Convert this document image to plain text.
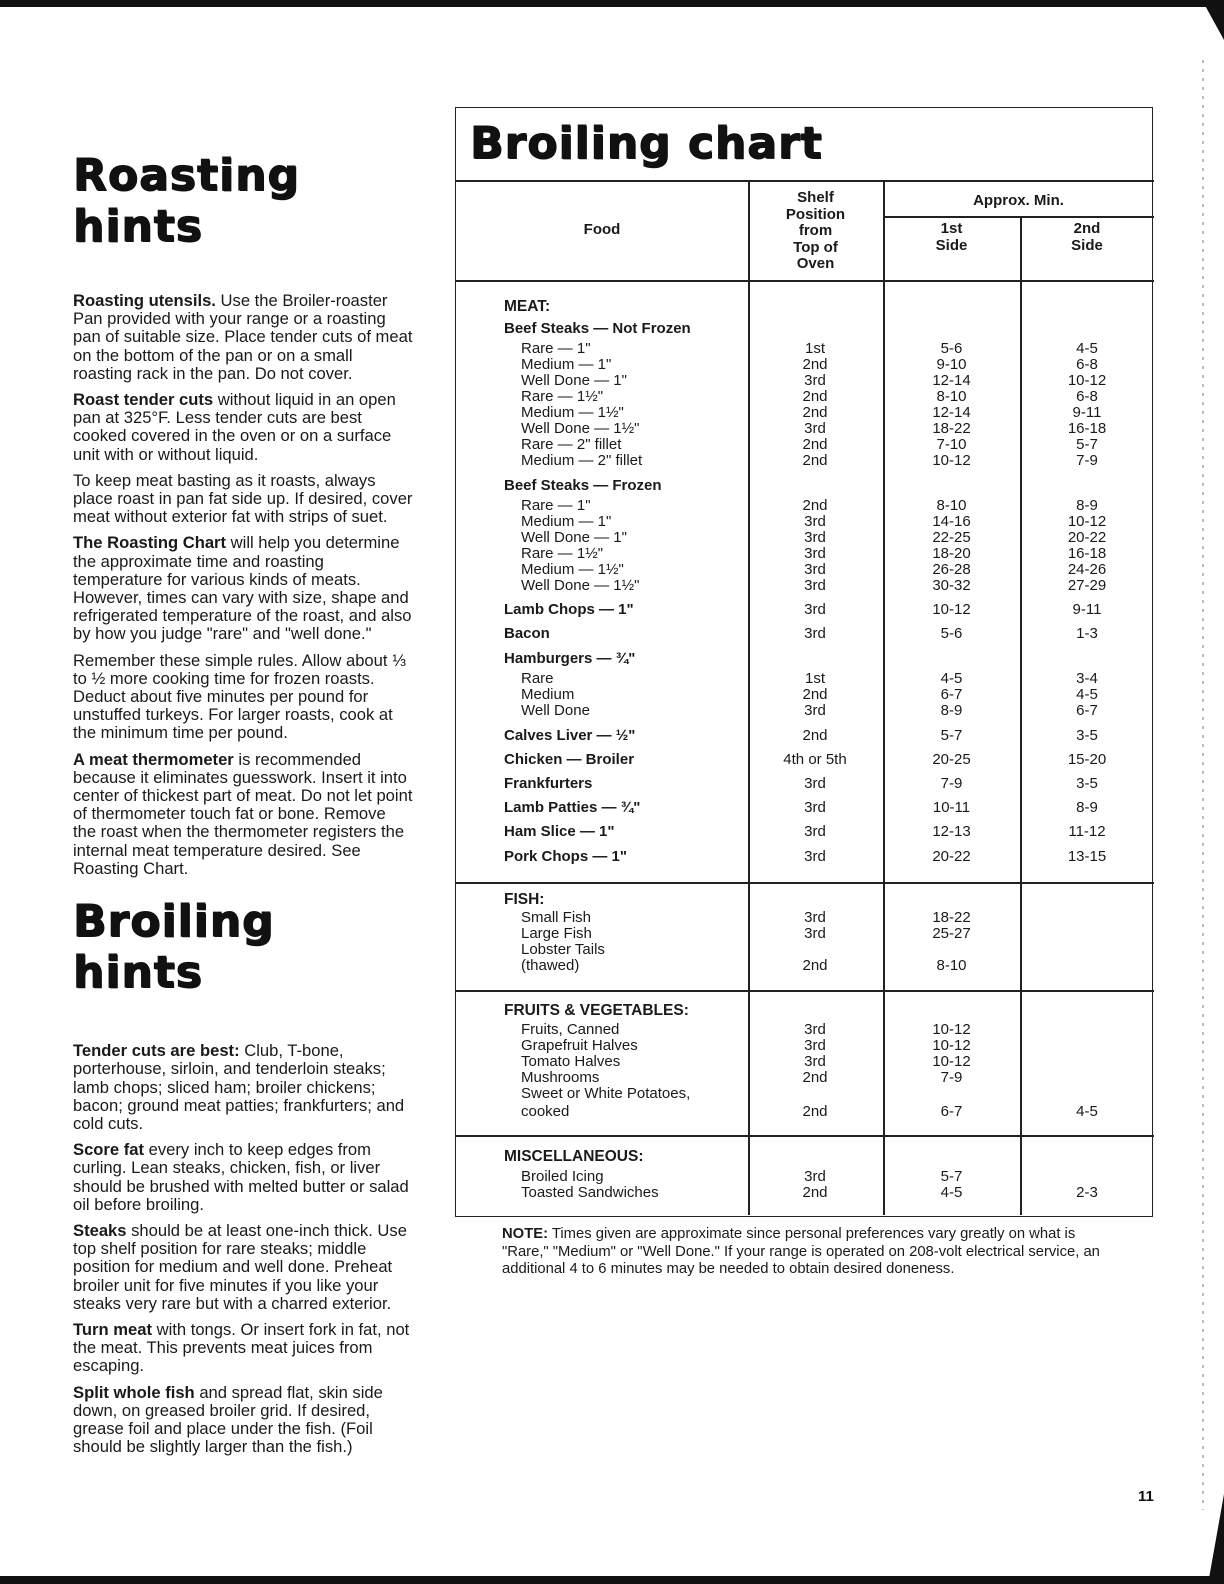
Roasting hints

Roasting utensils. Use the Broiler-roaster Pan provided with your range or a roasting pan of suitable size. Place tender cuts of meat on the bottom of the pan or on a small roasting rack in the pan. Do not cover.

Roast tender cuts without liquid in an open pan at 325°F. Less tender cuts are best cooked covered in the oven or on a surface unit with or without liquid.

To keep meat basting as it roasts, always place roast in pan fat side up. If desired, cover meat without exterior fat with strips of suet.

The Roasting Chart will help you determine the approximate time and roasting temperature for various kinds of meats. However, times can vary with size, shape and refrigerated temperature of the roast, and also by how you judge "rare" and "well done."

Remember these simple rules. Allow about ⅓ to ½ more cooking time for frozen roasts. Deduct about five minutes per pound for unstuffed turkeys. For larger roasts, cook at the minimum time per pound.

A meat thermometer is recommended because it eliminates guesswork. Insert it into center of thickest part of meat. Do not let point of thermometer touch fat or bone. Remove the roast when the thermometer registers the internal meat temperature desired. See Roasting Chart.

Broiling hints

Tender cuts are best: Club, T-bone, porterhouse, sirloin, and tenderloin steaks; lamb chops; sliced ham; broiler chickens; bacon; ground meat patties; frankfurters; and cold cuts.

Score fat every inch to keep edges from curling. Lean steaks, chicken, fish, or liver should be brushed with melted butter or salad oil before broiling.

Steaks should be at least one-inch thick. Use top shelf position for rare steaks; middle position for medium and well done. Preheat broiler unit for five minutes if you like your steaks very rare but with a charred exterior.

Turn meat with tongs. Or insert fork in fat, not the meat. This prevents meat juices from escaping.

Split whole fish and spread flat, skin side down, on greased broiler grid. If desired, grease foil and place under the fish. (Foil should be slightly larger than the fish.)

Broiling chart
Food
Shelf
Position
from
Top of
Oven
Approx. Min.
1st
Side
2nd
Side
MEAT:
FISH:
FRUITS & VEGETABLES:
MISCELLANEOUS:
Beef Steaks — Not Frozen
Rare — 1"	1st	5-6	4-5
Medium — 1"	2nd	9-10	6-8
Well Done — 1"	3rd	12-14	10-12
Rare — 1½"	2nd	8-10	6-8
Medium — 1½"	2nd	12-14	9-11
Well Done — 1½"	3rd	18-22	16-18
Rare — 2" fillet	2nd	7-10	5-7
Medium — 2" fillet	2nd	10-12	7-9
Beef Steaks — Frozen
Rare — 1"	2nd	8-10	8-9
Medium — 1"	3rd	14-16	10-12
Well Done — 1"	3rd	22-25	20-22
Rare — 1½"	3rd	18-20	16-18
Medium — 1½"	3rd	26-28	24-26
Well Done — 1½"	3rd	30-32	27-29
Lamb Chops — 1"	3rd	10-12	9-11
Bacon	3rd	5-6	1-3
Hamburgers — ¾"
Rare	1st	4-5	3-4
Medium	2nd	6-7	4-5
Well Done	3rd	8-9	6-7
Calves Liver — ½"	2nd	5-7	3-5
Chicken — Broiler	4th or 5th	20-25	15-20
Frankfurters	3rd	7-9	3-5
Lamb Patties — ¾"	3rd	10-11	8-9
Ham Slice — 1"	3rd	12-13	11-12
Pork Chops — 1"	3rd	20-22	13-15
Small Fish	3rd	18-22
Large Fish	3rd	25-27
Lobster Tails
(thawed)	2nd	8-10
Fruits, Canned	3rd	10-12
Grapefruit Halves	3rd	10-12
Tomato Halves	3rd	10-12
Mushrooms	2nd	7-9
Sweet or White Potatoes,
cooked	2nd	6-7	4-5
Broiled Icing	3rd	5-7
Toasted Sandwiches	2nd	4-5	2-3
NOTE: Times given are approximate since personal preferences vary greatly on what is "Rare," "Medium" or "Well Done." If your range is operated on 208-volt electrical service, an additional 4 to 6 minutes may be needed to obtain desired doneness.
11
